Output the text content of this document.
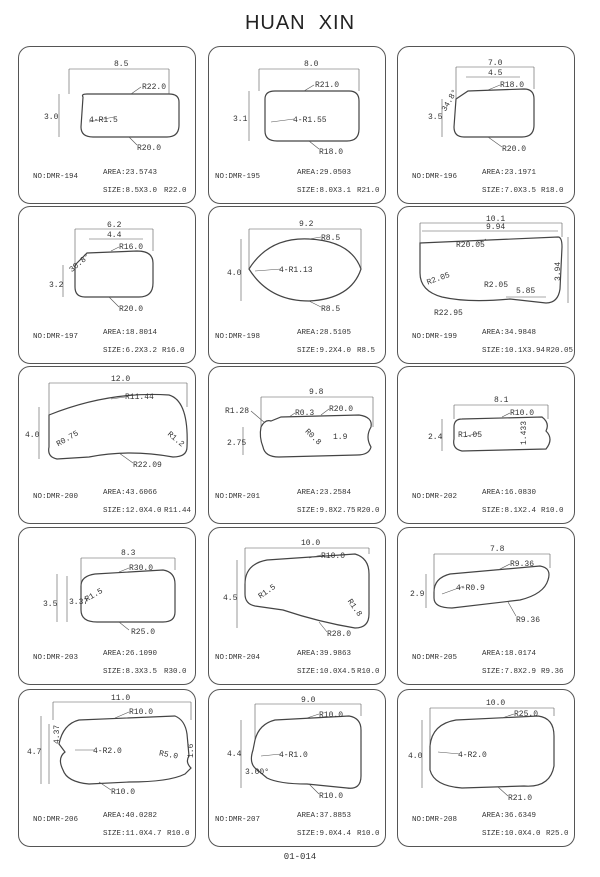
HUAN  XIN
8.5
R22.0
3.0	4-R1.5
R20.0
NO:DMR-194	AREA:23.5743
SIZE:8.5X3.0 R22.0
8.0
R21.0
3.1	4-R1.55
R18.0
NO:DMR-195	AREA:29.0503
SIZE:8.0X3.1 R21.0
7.0
4.5
R18.0
3.5
R20.0
34.8°
NO:DMR-196	AREA:23.1971
SIZE:7.0X3.5 R18.0
6.2
4.4
R16.0
3.2
R20.0
30.8°
NO:DMR-197	AREA:18.8014
SIZE:6.2X3.2 R16.0
9.2
R8.5
4.0	4-R1.13
R8.5
NO:DMR-198	AREA:28.5105
SIZE:9.2X4.0 R8.5
10.1
9.94
R20.05
R2.05	R2.05
3.94
R22.95
5.85
NO:DMR-199	AREA:34.9848
SIZE:10.1X3.94 R20.05
12.0
R11.44
4.0 R0.75	R1.2
R22.09
NO:DMR-200	AREA:43.6066
SIZE:12.0X4.0 R11.44
9.8
R1.28	R0.3 R20.0
2.75	R0.8 1.9
NO:DMR-201	AREA:23.2584
SIZE:9.8X2.75 R20.0
8.1
R10.0
2.4 R1.05	1.433
NO:DMR-202	AREA:16.0830
SIZE:8.1X2.4 R10.0
8.3
R30.0
3.5 3.37
R1.5
R25.0
NO:DMR-203	AREA:26.1090
SIZE:8.3X3.5 R30.0
10.0
R10.0
4.5 R1.5
R1.8
R28.0
NO:DMR-204	AREA:39.9863
SIZE:10.0X4.5 R10.0
7.8
R9.36
2.9
4-R0.9
R9.36
NO:DMR-205	AREA:18.0174
SIZE:7.8X2.9 R9.36
11.0
R10.0
4.7
4.37
4-R2.0	R5.0 1.6
R10.0
NO:DMR-206	AREA:40.0282
SIZE:11.0X4.7 R10.0
9.0
R10.0
4.4	4-R1.0
3.00°
R10.0
NO:DMR-207	AREA:37.8853
SIZE:9.0X4.4 R10.0
10.0
R25.0
4.0	4-R2.0
R21.0
NO:DMR-208	AREA:36.6349
SIZE:10.0X4.0 R25.0
01-014
